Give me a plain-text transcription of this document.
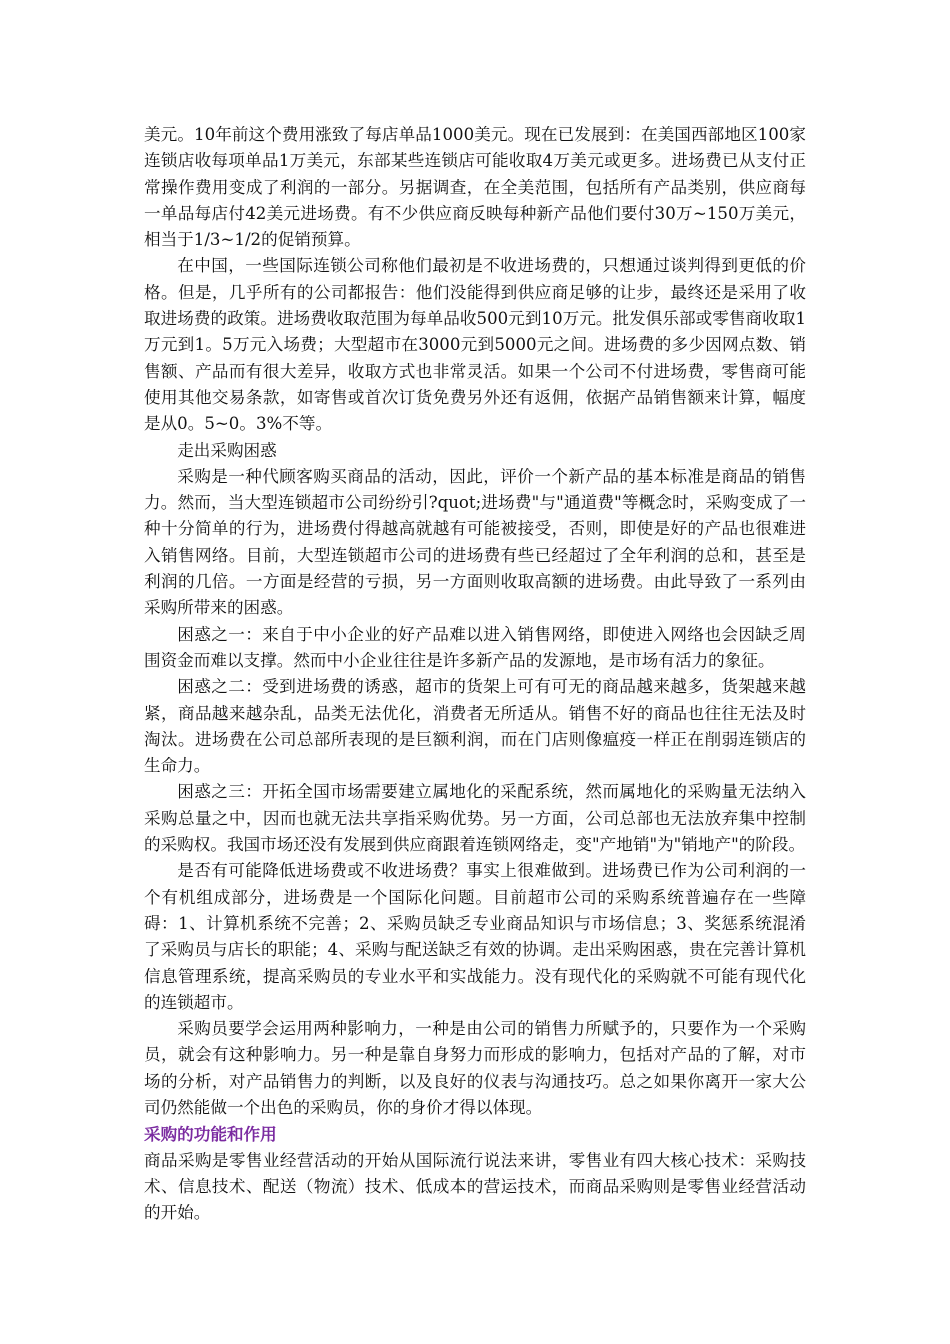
美元。10年前这个费用涨致了每店单品1000美元。现在已发展到：在美国西部地区100家连锁店收每项单品1万美元，东部某些连锁店可能收取4万美元或更多。进场费已从支付正常操作费用变成了利润的一部分。另据调查，在全美范围，包括所有产品类别，供应商每一单品每店付42美元进场费。有不少供应商反映每种新产品他们要付30万~150万美元，相当于1/3~1/2的促销预算。

在中国，一些国际连锁公司称他们最初是不收进场费的，只想通过谈判得到更低的价格。但是，几乎所有的公司都报告：他们没能得到供应商足够的让步，最终还是采用了收取进场费的政策。进场费收取范围为每单品收500元到10万元。批发俱乐部或零售商收取1万元到1。5万元入场费；大型超市在3000元到5000元之间。进场费的多少因网点数、销售额、产品而有很大差异，收取方式也非常灵活。如果一个公司不付进场费，零售商可能使用其他交易条款，如寄售或首次订货免费另外还有返佣，依据产品销售额来计算，幅度是从0。5~0。3%不等。

走出采购困惑

采购是一种代顾客购买商品的活动，因此，评价一个新产品的基本标准是商品的销售力。然而，当大型连锁超市公司纷纷引?quot;进场费"与"通道费"等概念时，采购变成了一种十分简单的行为，进场费付得越高就越有可能被接受，否则，即使是好的产品也很难进入销售网络。目前，大型连锁超市公司的进场费有些已经超过了全年利润的总和，甚至是利润的几倍。一方面是经营的亏损，另一方面则收取高额的进场费。由此导致了一系列由采购所带来的困惑。

困惑之一：来自于中小企业的好产品难以进入销售网络，即使进入网络也会因缺乏周围资金而难以支撑。然而中小企业往往是许多新产品的发源地，是市场有活力的象征。

困惑之二：受到进场费的诱惑，超市的货架上可有可无的商品越来越多，货架越来越紧，商品越来越杂乱，品类无法优化，消费者无所适从。销售不好的商品也往往无法及时淘汰。进场费在公司总部所表现的是巨额利润，而在门店则像瘟疫一样正在削弱连锁店的生命力。

困惑之三：开拓全国市场需要建立属地化的采配系统，然而属地化的采购量无法纳入采购总量之中，因而也就无法共享指采购优势。另一方面，公司总部也无法放弃集中控制的采购权。我国市场还没有发展到供应商跟着连锁网络走，变"产地销"为"销地产"的阶段。

是否有可能降低进场费或不收进场费？事实上很难做到。进场费已作为公司利润的一个有机组成部分，进场费是一个国际化问题。目前超市公司的采购系统普遍存在一些障碍：1、计算机系统不完善；2、采购员缺乏专业商品知识与市场信息；3、奖惩系统混淆了采购员与店长的职能；4、采购与配送缺乏有效的协调。走出采购困惑，贵在完善计算机信息管理系统，提高采购员的专业水平和实战能力。没有现代化的采购就不可能有现代化的连锁超市。

采购员要学会运用两种影响力，一种是由公司的销售力所赋予的，只要作为一个采购员，就会有这种影响力。另一种是靠自身努力而形成的影响力，包括对产品的了解，对市场的分析，对产品销售力的判断，以及良好的仪表与沟通技巧。总之如果你离开一家大公司仍然能做一个出色的采购员，你的身价才得以体现。

采购的功能和作用

商品采购是零售业经营活动的开始从国际流行说法来讲，零售业有四大核心技术：采购技术、信息技术、配送（物流）技术、低成本的营运技术，而商品采购则是零售业经营活动的开始。
